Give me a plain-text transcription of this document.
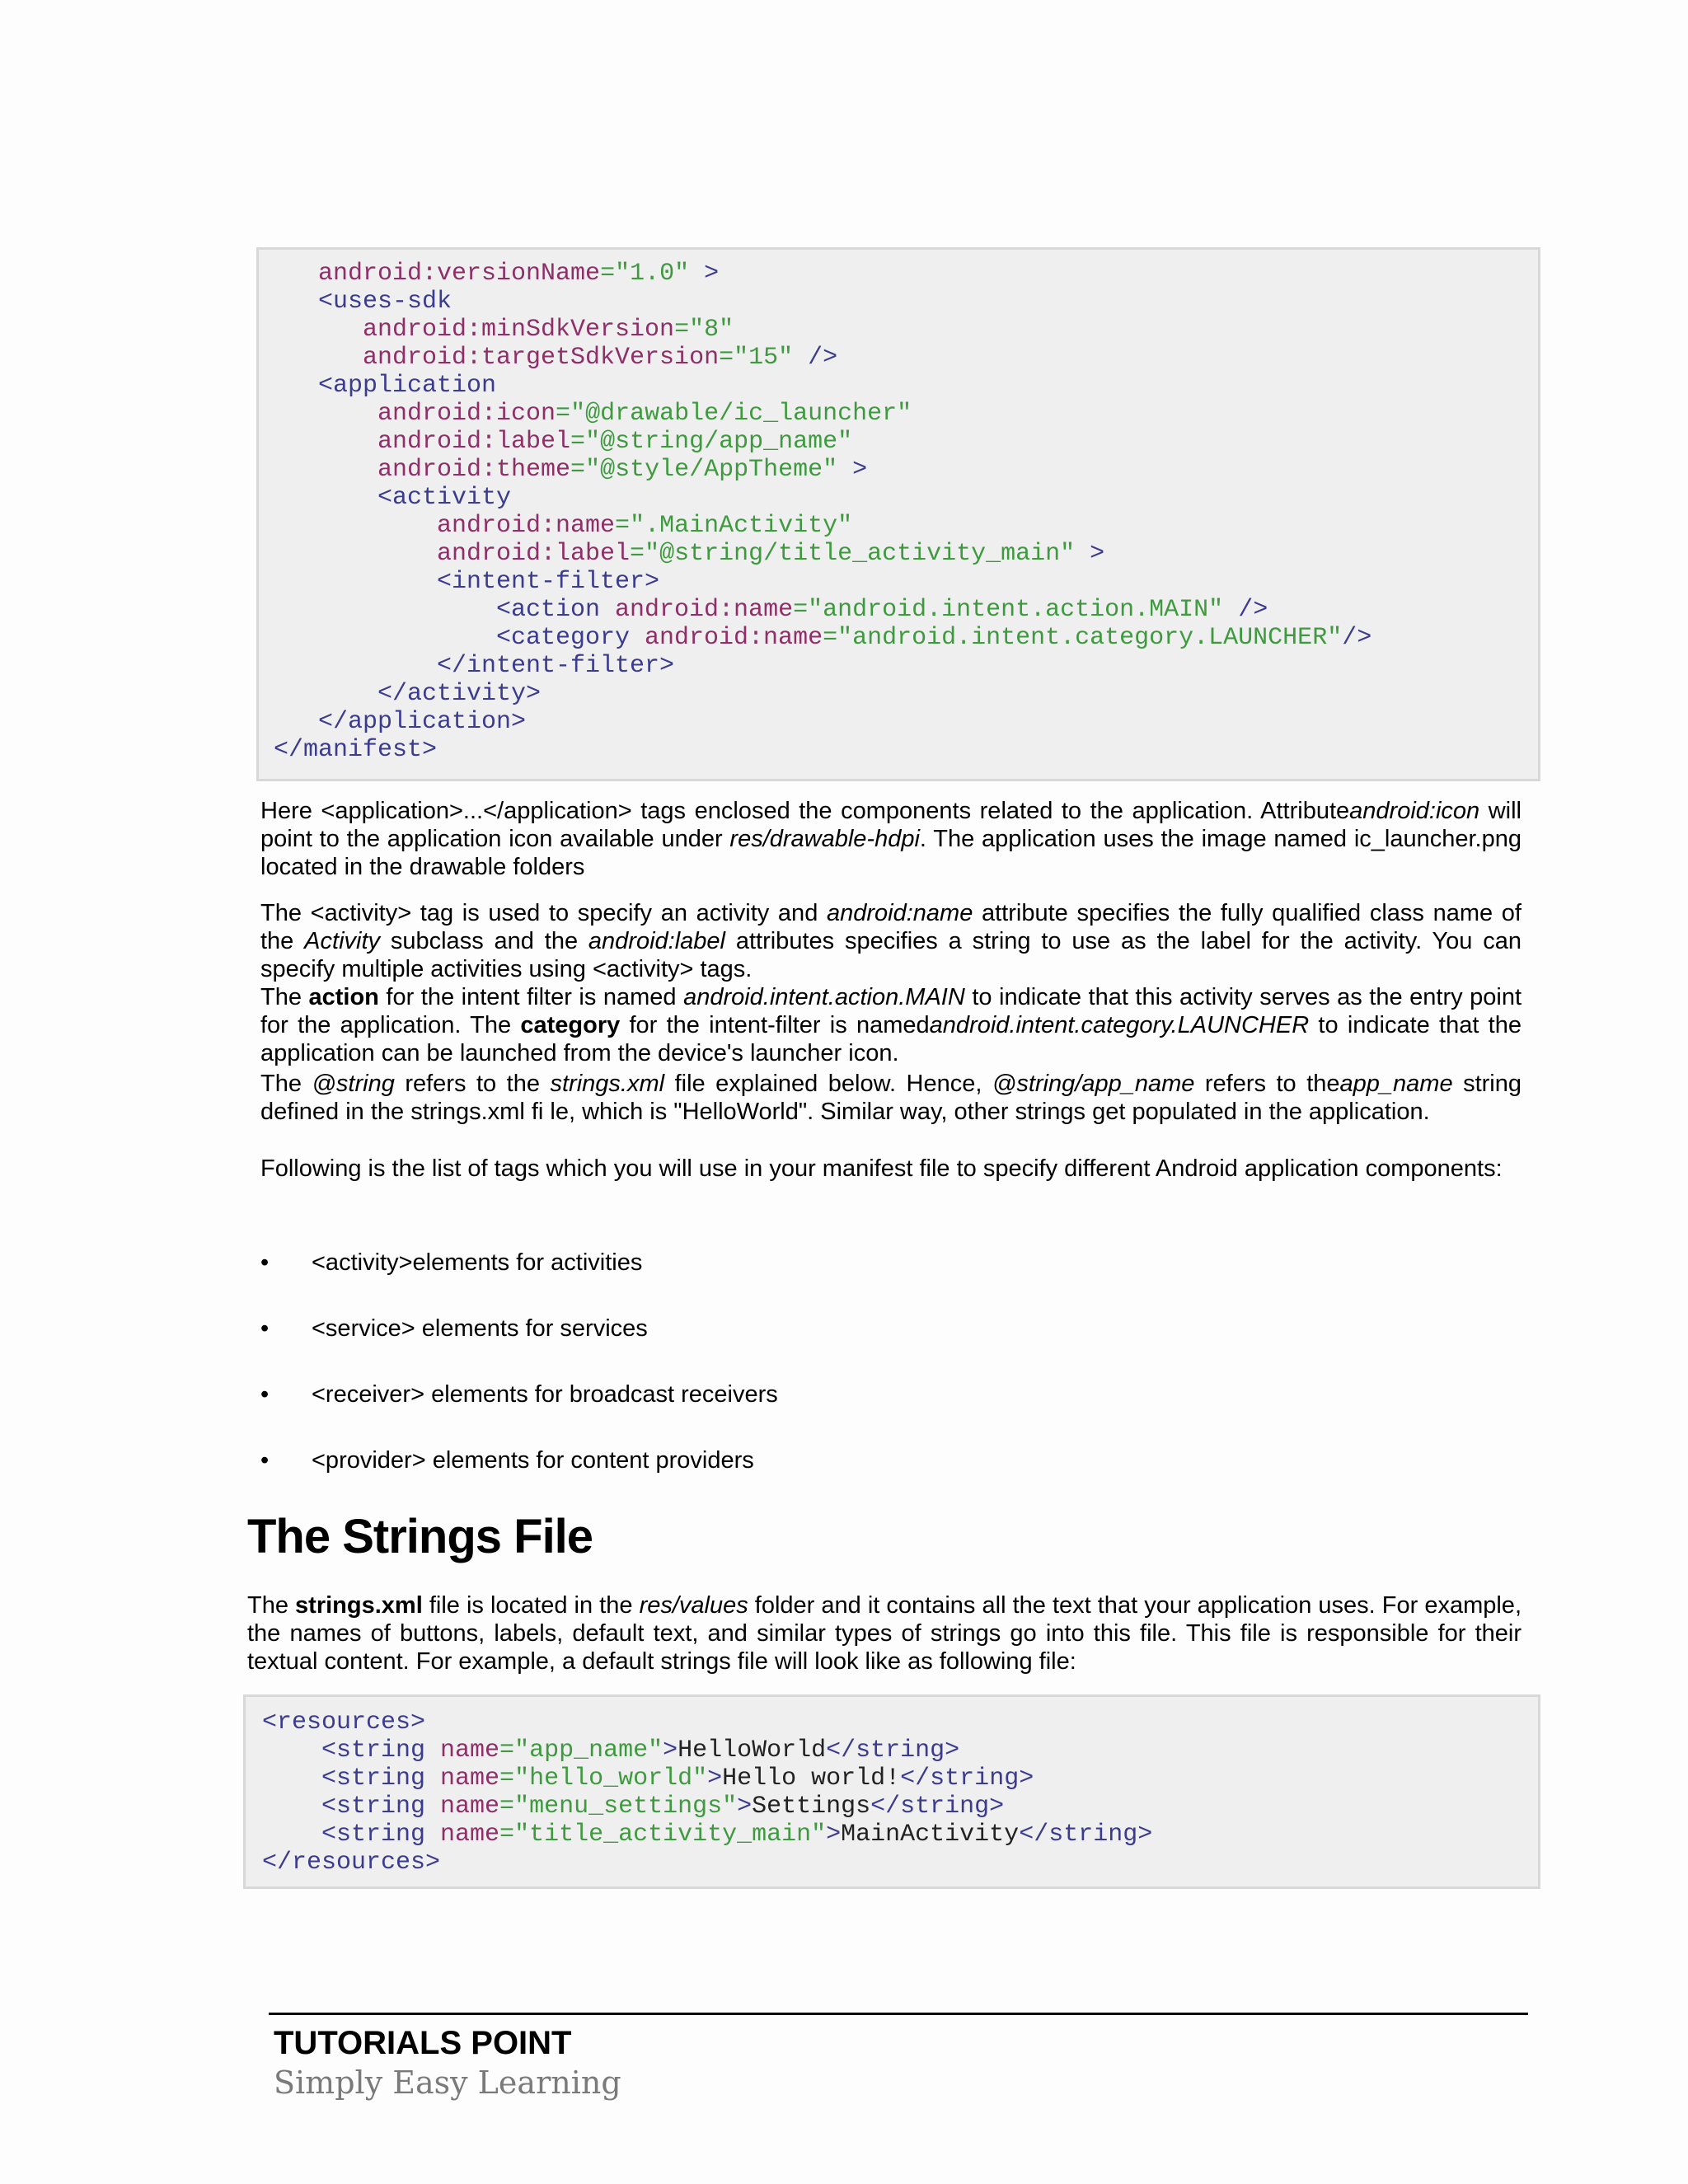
android:versionName="1.0" >
<uses-sdk
android:minSdkVersion="8"
android:targetSdkVersion="15" />
<application
android:icon="@drawable/ic_launcher"
android:label="@string/app_name"
android:theme="@style/AppTheme" >
<activity
android:name=".MainActivity"
android:label="@string/title_activity_main" >
<intent-filter>
<action android:name="android.intent.action.MAIN" />
<category android:name="android.intent.category.LAUNCHER"/>
</intent-filter>
</activity>
</application>
</manifest>

Here <application>...</application> tags enclosed the components related to the application. Attributeandroid:icon will point to the application icon available under res/drawable-hdpi. The application uses the image named ic_launcher.png located in the drawable folders

The <activity> tag is used to specify an activity and android:name attribute specifies the fully qualified class name of the Activity subclass and the android:label attributes specifies a string to use as the label for the activity. You can specify multiple activities using <activity> tags.

The action for the intent filter is named android.intent.action.MAIN to indicate that this activity serves as the entry point for the application. The category for the intent-filter is namedandroid.intent.category.LAUNCHER to indicate that the application can be launched from the device's launcher icon.

The @string refers to the strings.xml file explained below. Hence, @string/app_name refers to theapp_name string defined in the strings.xml fi le, which is "HelloWorld". Similar way, other strings get populated in the application.

Following is the list of tags which you will use in your manifest file to specify different Android application components:

• <activity>elements for activities
• <service> elements for services
• <receiver> elements for broadcast receivers
• <provider> elements for content providers
The Strings File

The strings.xml file is located in the res/values folder and it contains all the text that your application uses. For example, the names of buttons, labels, default text, and similar types of strings go into this file. This file is responsible for their textual content. For example, a default strings file will look like as following file:

<resources>
<string name="app_name">HelloWorld</string>
<string name="hello_world">Hello world!</string>
<string name="menu_settings">Settings</string>
<string name="title_activity_main">MainActivity</string>
</resources>
TUTORIALS POINT
Simply Easy Learning
